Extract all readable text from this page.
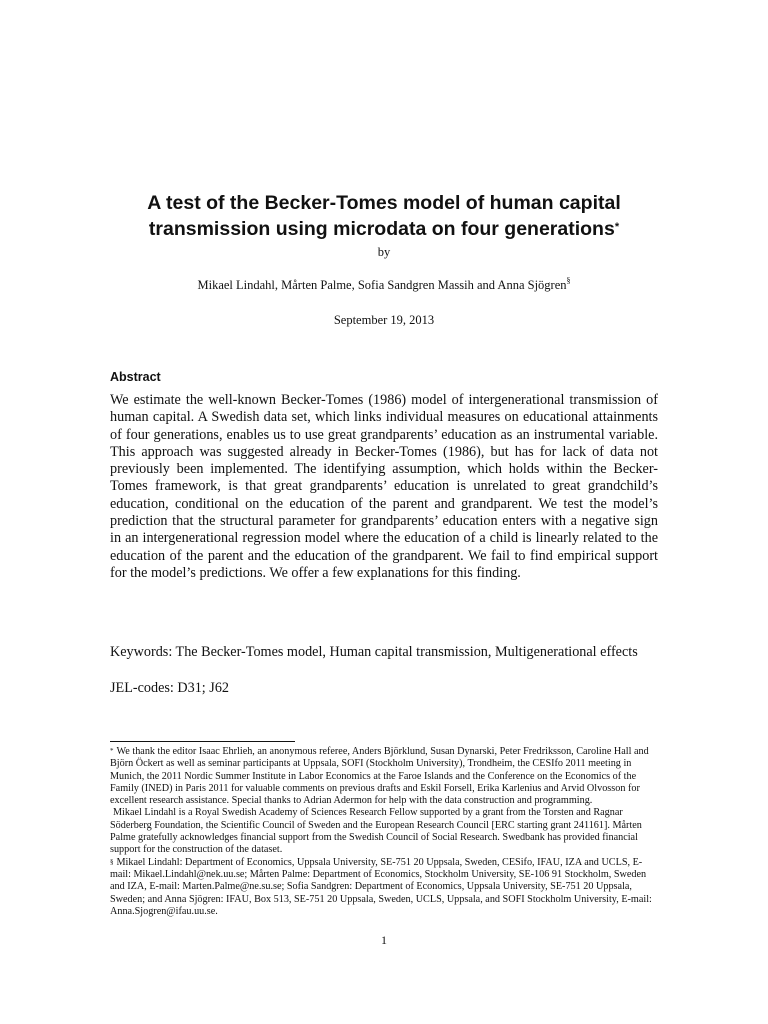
A test of the Becker-Tomes model of human capital
transmission using microdata on four generations*
by
Mikael Lindahl, Mårten Palme, Sofia Sandgren Massih and Anna Sjögren§
September 19, 2013
Abstract
We estimate the well-known Becker-Tomes (1986) model of intergenerational transmission of human capital. A Swedish data set, which links individual measures on educational attainments of four generations, enables us to use great grandparents’ education as an instrumental variable. This approach was suggested already in Becker-Tomes (1986), but has for lack of data not previously been implemented. The identifying assumption, which holds within the Becker-Tomes framework, is that great grandparents’ education is unrelated to great grandchild’s education, conditional on the education of the parent and grandparent. We test the model’s prediction that the structural parameter for grandparents’ education enters with a negative sign in an intergenerational regression model where the education of a child is linearly related to the education of the parent and the education of the grandparent. We fail to find empirical support for the model’s predictions. We offer a few explanations for this finding.
Keywords: The Becker-Tomes model, Human capital transmission, Multigenerational effects
JEL-codes: D31; J62

* We thank the editor Isaac Ehrlieh, an anonymous referee, Anders Björklund, Susan Dynarski, Peter Fredriksson, Caroline Hall and Björn Öckert as well as seminar participants at Uppsala, SOFI (Stockholm University), Trondheim, the CESIfo 2011 meeting in Munich, the 2011 Nordic Summer Institute in Labor Economics at the Faroe Islands and the Conference on the Economics of the Family (INED) in Paris 2011 for valuable comments on previous drafts and Eskil Forsell, Erika Karlenius and Arvid Olvosson for excellent research assistance. Special thanks to Adrian Adermon for help with the data construction and programming.

Mikael Lindahl is a Royal Swedish Academy of Sciences Research Fellow supported by a grant from the Torsten and Ragnar Söderberg Foundation, the Scientific Council of Sweden and the European Research Council [ERC starting grant 241161]. Mårten Palme gratefully acknowledges financial support from the Swedish Council of Social Research. Swedbank has provided financial support for the construction of the dataset.

§ Mikael Lindahl: Department of Economics, Uppsala University, SE-751 20 Uppsala, Sweden, CESifo, IFAU, IZA and UCLS, E-mail: Mikael.Lindahl@nek.uu.se; Mårten Palme: Department of Economics, Stockholm University, SE-106 91 Stockholm, Sweden and IZA, E-mail: Marten.Palme@ne.su.se; Sofia Sandgren: Department of Economics, Uppsala University, SE-751 20 Uppsala, Sweden; and Anna Sjögren: IFAU, Box 513, SE-751 20 Uppsala, Sweden, UCLS, Uppsala, and SOFI Stockholm University, E-mail: Anna.Sjogren@ifau.uu.se.

1
